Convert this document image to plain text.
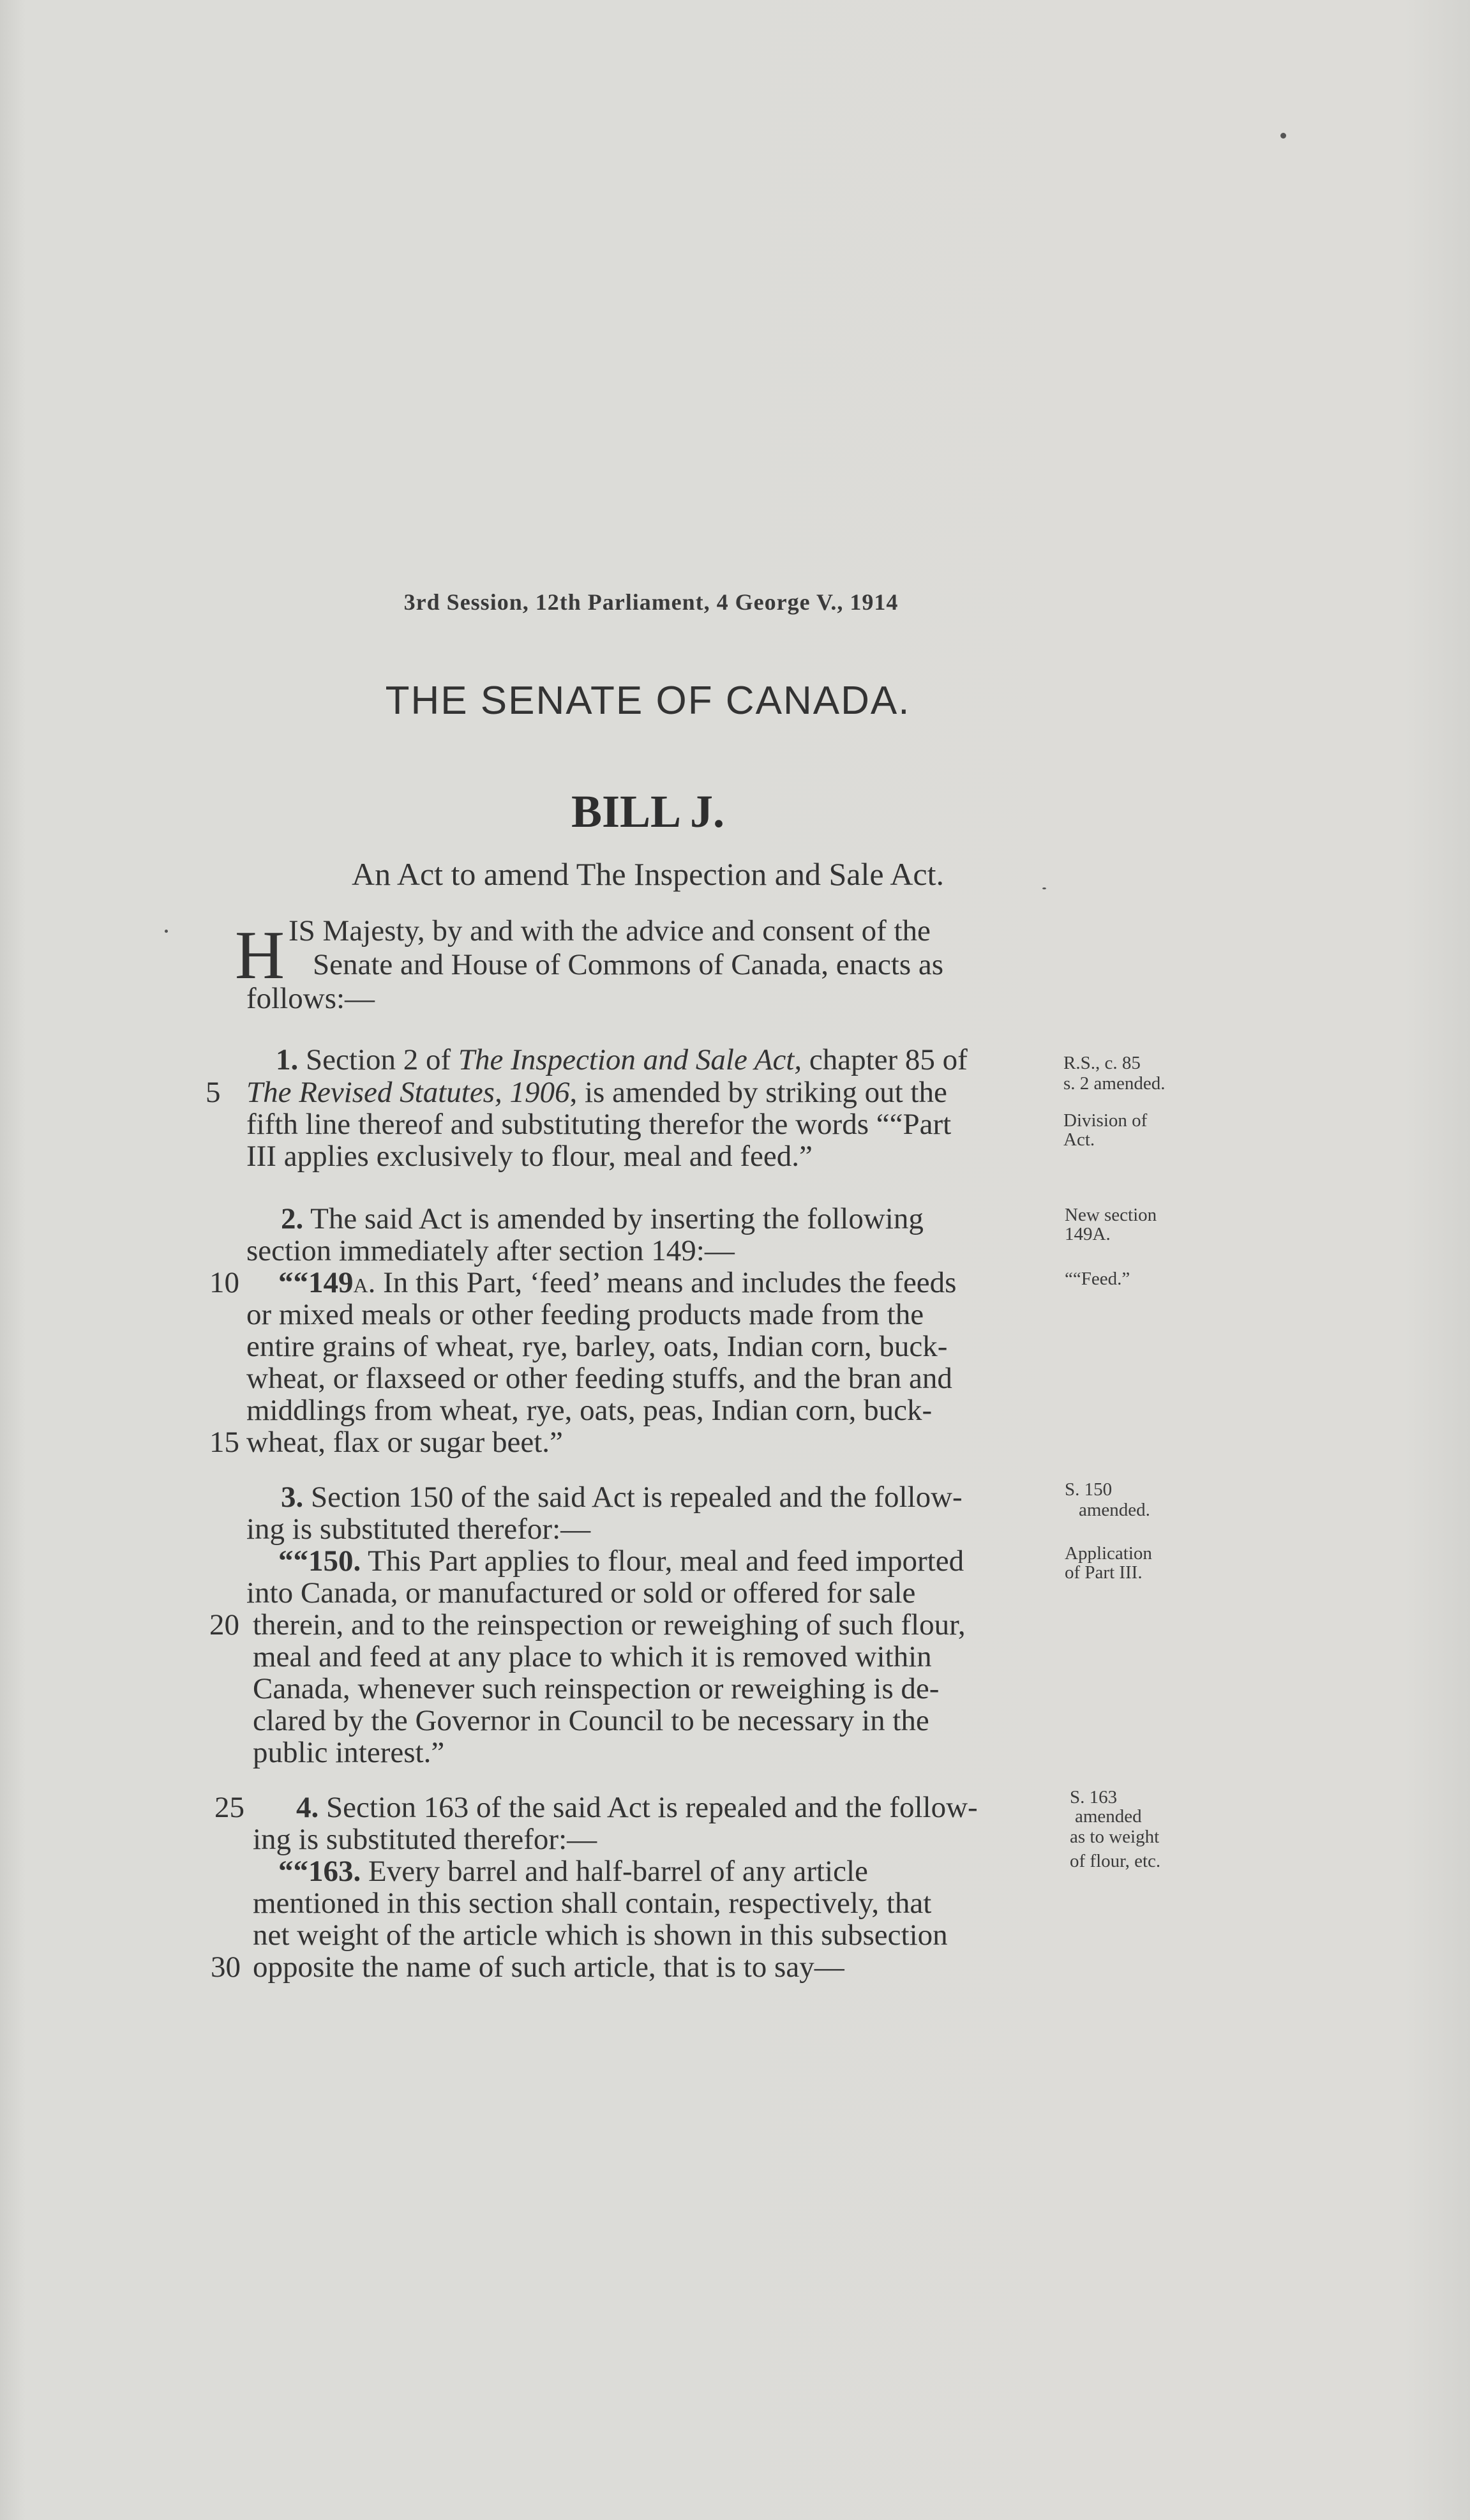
3rd Session, 12th Parliament, 4 George V., 1914
THE SENATE OF CANADA.
BILL J.
An Act to amend The Inspection and Sale Act.
H IS Majesty, by and with the advice and consent of the
Senate and House of Commons of Canada, enacts as
follows:—
1. Section 2 of The Inspection and Sale Act, chapter 85 of
5 The Revised Statutes, 1906, is amended by striking out the
fifth line thereof and substituting therefor the words ““Part
III applies exclusively to flour, meal and feed.”
R.S., c. 85
s. 2 amended.
Division of
Act.
2. The said Act is amended by inserting the following
section immediately after section 149:—
10 ““149A. In this Part, ‘feed’ means and includes the feeds
or mixed meals or other feeding products made from the
entire grains of wheat, rye, barley, oats, Indian corn, buck-
wheat, or flaxseed or other feeding stuffs, and the bran and
middlings from wheat, rye, oats, peas, Indian corn, buck-
15 wheat, flax or sugar beet.”
New section
149A.
““Feed.”
3. Section 150 of the said Act is repealed and the follow-
ing is substituted therefor:—
““150. This Part applies to flour, meal and feed imported
into Canada, or manufactured or sold or offered for sale
20 therein, and to the reinspection or reweighing of such flour,
meal and feed at any place to which it is removed within
Canada, whenever such reinspection or reweighing is de-
clared by the Governor in Council to be necessary in the
public interest.”
S. 150
amended.
Application
of Part III.
25 4. Section 163 of the said Act is repealed and the follow-
ing is substituted therefor:—
““163. Every barrel and half-barrel of any article
mentioned in this section shall contain, respectively, that
net weight of the article which is shown in this subsection
30 opposite the name of such article, that is to say—
S. 163
amended
as to weight
of flour, etc.
